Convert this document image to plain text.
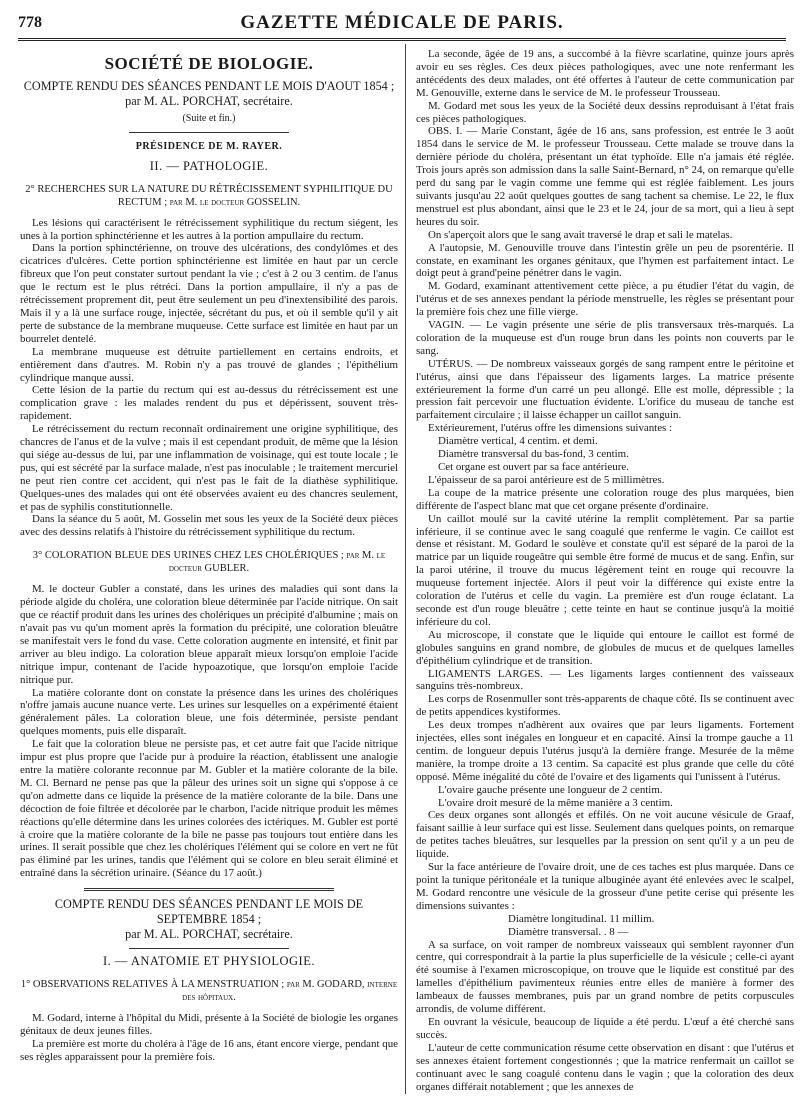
778	GAZETTE MÉDICALE DE PARIS.
SOCIÉTÉ DE BIOLOGIE.
COMPTE RENDU DES SÉANCES PENDANT LE MOIS D'AOUT 1854 ;
par M. AL. PORCHAT, secrétaire.
(Suite et fin.)
PRÉSIDENCE DE M. RAYER.
II. — PATHOLOGIE.
2° RECHERCHES SUR LA NATURE DU RÉTRÉCISSEMENT SYPHILITIQUE DU RECTUM ; par M. le docteur GOSSELIN.

Les lésions qui caractérisent le rétrécissement syphilitique du rectum siégent, les unes à la portion sphinctérienne et les autres à la portion ampullaire du rectum.

Dans la portion sphinctérienne, on trouve des ulcérations, des condylômes et des cicatrices d'ulcères. Cette portion sphinctérienne est limitée en haut par un cercle fibreux que l'on peut constater surtout pendant la vie ; c'est à 2 ou 3 centim. de l'anus que le rectum est le plus rétréci. Dans la portion ampullaire, il n'y a pas de rétrécissement proprement dit, peut être seulement un peu d'inextensibilité des parois. Mais il y a là une surface rouge, injectée, sécrétant du pus, et où il semble qu'il y ait perte de substance de la membrane muqueuse. Cette surface est limitée en haut par un bourrelet dentelé.

La membrane muqueuse est détruite partiellement en certains endroits, et entièrement dans d'autres. M. Robin n'y a pas trouvé de glandes ; l'épithélium cylindrique manque aussi.

Cette lésion de la partie du rectum qui est au-dessus du rétrécissement est une complication grave : les malades rendent du pus et dépérissent, souvent très-rapidement.

Le rétrécissement du rectum reconnaît ordinairement une origine syphilitique, des chancres de l'anus et de la vulve ; mais il est cependant produit, de même que la lésion qui siége au-dessus de lui, par une inflammation de voisinage, qui est toute locale ; le pus, qui est sécrété par la surface malade, n'est pas inoculable ; le traitement mercuriel ne peut rien contre cet accident, qui n'est pas le fait de la diathèse syphilitique. Quelques-unes des malades qui ont été observées avaient eu des chancres seulement, et pas de syphilis constitutionnelle.

Dans la séance du 5 août, M. Gosselin met sous les yeux de la Société deux pièces avec des dessins relatifs à l'histoire du rétrécissement syphilitique du rectum.

3° COLORATION BLEUE DES URINES CHEZ LES CHOLÉRIQUES ; par M. le docteur GUBLER.

M. le docteur Gubler a constaté, dans les urines des maladies qui sont dans la période algide du choléra, une coloration bleue déterminée par l'acide nitrique. On sait que ce réactif produit dans les urines des cholériques un précipité d'albumine ; mais on n'avait pas vu qu'un moment après la formation du précipité, une coloration bleuâtre se manifestait vers le fond du vase. Cette coloration augmente en intensité, et finit par arriver au bleu indigo. La coloration bleue apparaît mieux lorsqu'on emploie l'acide nitrique impur, contenant de l'acide hypoazotique, que lorsqu'on emploie l'acide nitrique pur.

La matière colorante dont on constate la présence dans les urines des cholériques n'offre jamais aucune nuance verte. Les urines sur lesquelles on a expérimenté étaient généralement pâles. La coloration bleue, une fois déterminée, persiste pendant quelques moments, puis elle disparaît.

Le fait que la coloration bleue ne persiste pas, et cet autre fait que l'acide nitrique impur est plus propre que l'acide pur à produire la réaction, établissent une analogie entre la matière colorante reconnue par M. Gubler et la matière colorante de la bile. M. Cl. Bernard ne pense pas que la pâleur des urines soit un signe qui s'oppose à ce qu'on admette dans ce liquide la présence de la matière colorante de la bile. Dans une décoction de foie filtrée et décolorée par le charbon, l'acide nitrique produit les mêmes réactions qu'elle détermine dans les urines colorées des ictériques. M. Gubler est porté à croire que la matière colorante de la bile ne passe pas toujours tout entière dans les urines. Il serait possible que chez les cholériques l'élément qui se colore en vert ne fût pas éliminé par les urines, tandis que l'élément qui se colore en bleu serait éliminé et entraîné dans la sécrétion urinaire. (Séance du 17 août.)

COMPTE RENDU DES SÉANCES PENDANT LE MOIS DE SEPTEMBRE 1854 ;
par M. AL. PORCHAT, secrétaire.
I. — ANATOMIE ET PHYSIOLOGIE.
1° OBSERVATIONS RELATIVES À LA MENSTRUATION ; par M. GODARD, interne des hôpitaux.

M. Godard, interne à l'hôpital du Midi, présente à la Société de biologie les organes génitaux de deux jeunes filles.

La première est morte du choléra à l'âge de 16 ans, étant encore vierge, pendant que ses règles apparaissent pour la première fois.

La seconde, âgée de 19 ans, a succombé à la fièvre scarlatine, quinze jours après avoir eu ses règles. Ces deux pièces pathologiques, avec une note renfermant les antécédents des deux malades, ont été offertes à l'auteur de cette communication par M. Genouville, externe dans le service de M. le professeur Trousseau.

M. Godard met sous les yeux de la Société deux dessins reproduisant à l'état frais ces pièces pathologiques.

OBS. I. — Marie Constant, âgée de 16 ans, sans profession, est entrée le 3 août 1854 dans le service de M. le professeur Trousseau. Cette malade se trouve dans la dernière période du choléra, présentant un état typhoïde. Elle n'a jamais été réglée. Trois jours après son admission dans la salle Saint-Bernard, n° 24, on remarque qu'elle perd du sang par le vagin comme une femme qui est réglée faiblement. Les jours suivants jusqu'au 22 août quelques gouttes de sang tachent sa chemise. Le 22, le flux menstruel est plus abondant, ainsi que le 23 et le 24, jour de sa mort, qui a lieu à sept heures du soir.

On s'aperçoit alors que le sang avait traversé le drap et sali le matelas.

A l'autopsie, M. Genouville trouve dans l'intestin grêle un peu de psorentérie. Il constate, en examinant les organes génitaux, que l'hymen est parfaitement intact. Le doigt peut à grand'peine pénétrer dans le vagin.

M. Godard, examinant attentivement cette pièce, a pu étudier l'état du vagin, de l'utérus et de ses annexes pendant la période menstruelle, les règles se présentant pour la première fois chez une fille vierge.

VAGIN. — Le vagin présente une série de plis transversaux très-marqués. La coloration de la muqueuse est d'un rouge brun dans les points non couverts par le sang.

UTÉRUS. — De nombreux vaisseaux gorgés de sang rampent entre le péritoine et l'utérus, ainsi que dans l'épaisseur des ligaments larges. La matrice présente extérieurement la forme d'un carré un peu allongé. Elle est molle, dépressible ; la pression fait percevoir une fluctuation évidente. L'orifice du museau de tanche est parfaitement circulaire ; il laisse échapper un caillot sanguin.

Extérieurement, l'utérus offre les dimensions suivantes :

Diamètre vertical, 4 centim. et demi.

Diamètre transversal du bas-fond, 3 centim.

Cet organe est ouvert par sa face antérieure.

L'épaisseur de sa paroi antérieure est de 5 millimètres.

La coupe de la matrice présente une coloration rouge des plus marquées, bien différente de l'aspect blanc mat que cet organe présente d'ordinaire.

Un caillot moulé sur la cavité utérine la remplit complètement. Par sa partie inférieure, il se continue avec le sang coagulé que renferme le vagin. Ce caillot est dense et résistant. M. Godard le soulève et constate qu'il est séparé de la paroi de la matrice par un liquide rougeâtre qui semble être formé de mucus et de sang. Enfin, sur la paroi utérine, il trouve du mucus légèrement teint en rouge qui recouvre la muqueuse fortement injectée. Alors il peut voir la différence qui existe entre la coloration de l'utérus et celle du vagin. La première est d'un rouge éclatant. La seconde est d'un rouge bleuâtre ; cette teinte en haut se continue jusqu'à la moitié inférieure du col.

Au microscope, il constate que le liquide qui entoure le caillot est formé de globules sanguins en grand nombre, de globules de mucus et de quelques lamelles d'épithélium cylindrique et de transition.

LIGAMENTS LARGES. — Les ligaments larges contiennent des vaisseaux sanguins très-nombreux.

Les corps de Rosenmuller sont très-apparents de chaque côté. Ils se continuent avec de petits appendices kystiformes.

Les deux trompes n'adhèrent aux ovaires que par leurs ligaments. Fortement injectées, elles sont inégales en longueur et en capacité. Ainsi la trompe gauche a 11 centim. de longueur depuis l'utérus jusqu'à la dernière frange. Mesurée de la même manière, la trompe droite a 13 centim. Sa capacité est plus grande que celle du côté opposé. Même inégalité du côté de l'ovaire et des ligaments qui l'unissent à l'utérus.

L'ovaire gauche présente une longueur de 2 centim.

L'ovaire droit mesuré de la même manière a 3 centim.

Ces deux organes sont allongés et effilés. On ne voit aucune vésicule de Graaf, faisant saillie à leur surface qui est lisse. Seulement dans quelques points, on remarque de petites taches bleuâtres, sur lesquelles par la pression on sent qu'il y a un peu de liquide.

Sur la face antérieure de l'ovaire droit, une de ces taches est plus marquée. Dans ce point la tunique péritonéale et la tunique albuginée ayant été enlevées avec le scalpel, M. Godard rencontre une vésicule de la grosseur d'une petite cerise qui présente les dimensions suivantes :

Diamètre longitudinal. 11 millim.

Diamètre transversal. . 8 —

A sa surface, on voit ramper de nombreux vaisseaux qui semblent rayonner d'un centre, qui correspondrait à la partie la plus superficielle de la vésicule ; celle-ci ayant été soumise à l'examen microscopique, on trouve que le liquide est constitué par des lamelles d'épithélium pavimenteux réunies entre elles de manière à former des lambeaux de fausses membranes, puis par un grand nombre de petits corpuscules arrondis, de volume différent.

En ouvrant la vésicule, beaucoup de liquide a été perdu. L'œuf a été cherché sans succès.

L'auteur de cette communication résume cette observation en disant : que l'utérus et ses annexes étaient fortement congestionnés ; que la matrice renfermait un caillot se continuant avec le sang coagulé contenu dans le vagin ; que la coloration des deux organes différait notablement ; que les annexes de
